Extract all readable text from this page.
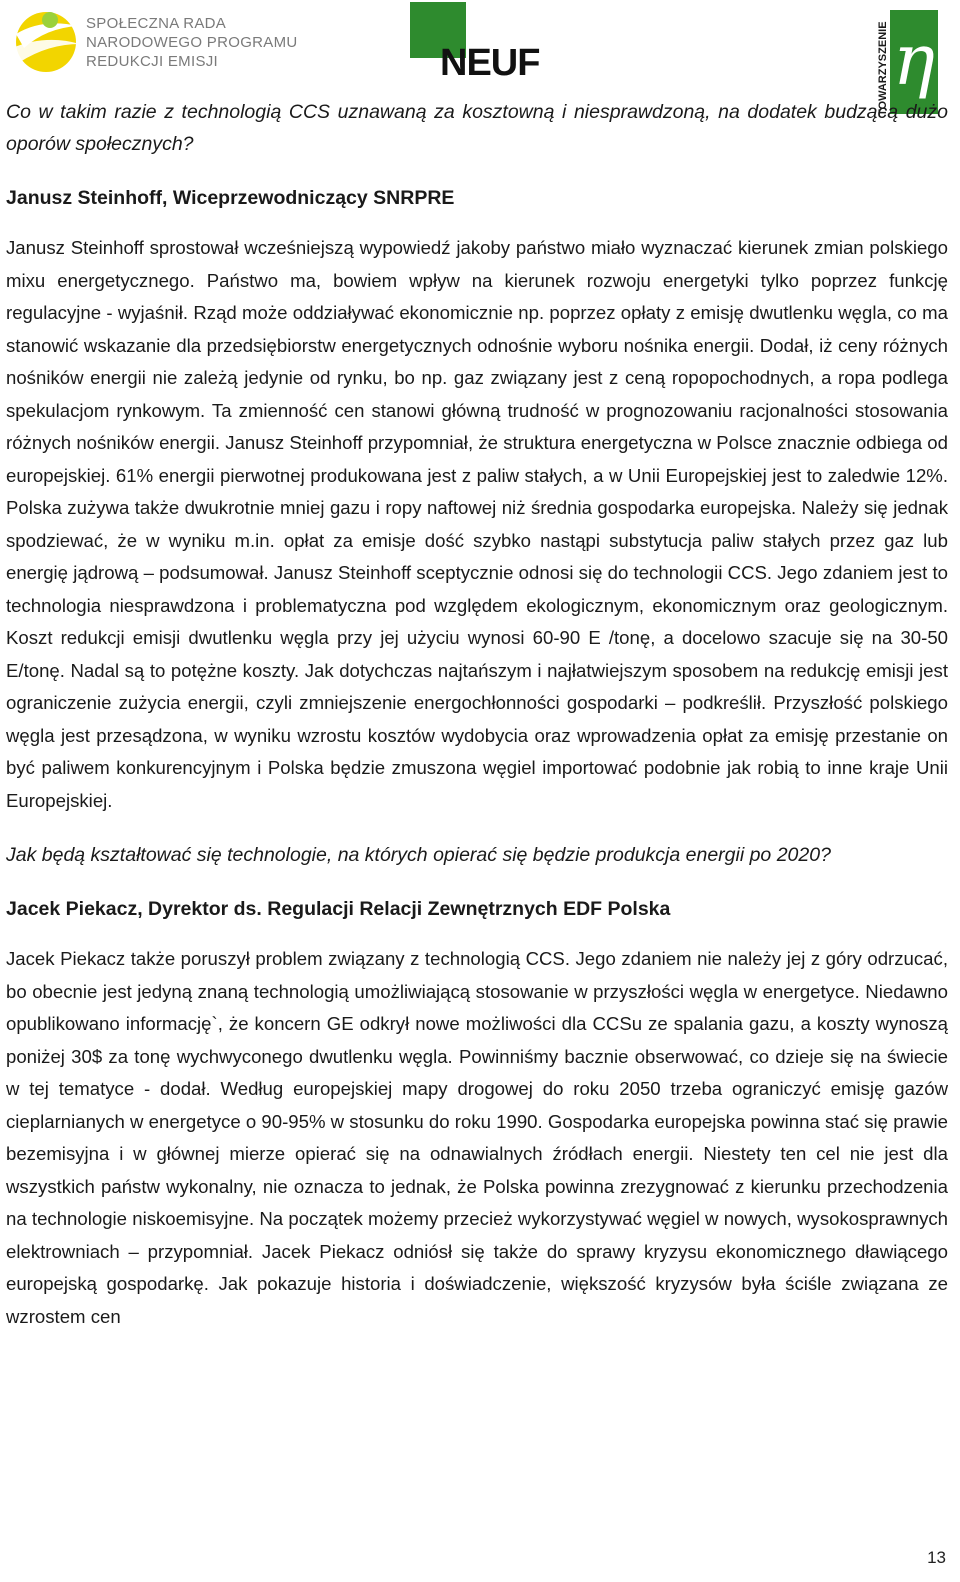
SPOŁECZNA RADA
NARODOWEGO PROGRAMU
REDUKCJI EMISJI	NEUF	TOWARZYSZENIE η

Co w takim razie z technologią CCS uznawaną za kosztowną i niesprawdzoną, na dodatek budzącą dużo oporów społecznych?

Janusz Steinhoff, Wiceprzewodniczący SNRPRE

Janusz Steinhoff sprostował wcześniejszą wypowiedź jakoby państwo miało wyznaczać kierunek zmian polskiego mixu energetycznego. Państwo ma, bowiem wpływ na kierunek rozwoju energetyki tylko poprzez funkcję regulacyjne - wyjaśnił. Rząd może oddziaływać ekonomicznie np. poprzez opłaty z emisję dwutlenku węgla, co ma stanowić wskazanie dla przedsiębiorstw energetycznych odnośnie wyboru nośnika energii. Dodał, iż ceny różnych nośników energii nie zależą jedynie od rynku, bo np. gaz związany jest z ceną ropopochodnych, a ropa podlega spekulacjom rynkowym. Ta zmienność cen stanowi główną trudność w prognozowaniu racjonalności stosowania różnych nośników energii. Janusz Steinhoff przypomniał, że struktura energetyczna w Polsce znacznie odbiega od europejskiej. 61% energii pierwotnej produkowana jest z paliw stałych, a w Unii Europejskiej jest to zaledwie 12%. Polska zużywa także dwukrotnie mniej gazu i ropy naftowej niż średnia gospodarka europejska. Należy się jednak spodziewać, że w wyniku m.in. opłat za emisje dość szybko nastąpi substytucja paliw stałych przez gaz lub energię jądrową – podsumował. Janusz Steinhoff sceptycznie odnosi się do technologii CCS. Jego zdaniem jest to technologia niesprawdzona i problematyczna pod względem ekologicznym, ekonomicznym oraz geologicznym. Koszt redukcji emisji dwutlenku węgla przy jej użyciu wynosi 60-90 E /tonę, a docelowo szacuje się na 30-50 E/tonę. Nadal są to potężne koszty. Jak dotychczas najtańszym i najłatwiejszym sposobem na redukcję emisji jest ograniczenie zużycia energii, czyli zmniejszenie energochłonności gospodarki – podkreślił. Przyszłość polskiego węgla jest przesądzona, w wyniku wzrostu kosztów wydobycia oraz wprowadzenia opłat za emisję przestanie on być paliwem konkurencyjnym i Polska będzie zmuszona węgiel importować podobnie jak robią to inne kraje Unii Europejskiej.

Jak będą kształtować się technologie, na których opierać się będzie produkcja energii po 2020?

Jacek Piekacz, Dyrektor ds. Regulacji Relacji Zewnętrznych EDF Polska

Jacek Piekacz także poruszył problem związany z technologią CCS. Jego zdaniem nie należy jej z góry odrzucać, bo obecnie jest jedyną znaną technologią umożliwiającą stosowanie w przyszłości węgla w energetyce. Niedawno opublikowano informację`, że koncern GE odkrył nowe możliwości dla CCSu ze spalania gazu, a koszty wynoszą poniżej 30$ za tonę wychwyconego dwutlenku węgla. Powinniśmy bacznie obserwować, co dzieje się na świecie w tej tematyce - dodał. Według europejskiej mapy drogowej do roku 2050 trzeba ograniczyć emisję gazów cieplarnianych w energetyce o 90-95% w stosunku do roku 1990. Gospodarka europejska powinna stać się prawie bezemisyjna i w głównej mierze opierać się na odnawialnych źródłach energii. Niestety ten cel nie jest dla wszystkich państw wykonalny, nie oznacza to jednak, że Polska powinna zrezygnować z kierunku przechodzenia na technologie niskoemisyjne. Na początek możemy przecież wykorzystywać węgiel w nowych, wysokosprawnych elektrowniach – przypomniał. Jacek Piekacz odniósł się także do sprawy kryzysu ekonomicznego dławiącego europejską gospodarkę. Jak pokazuje historia i doświadczenie, większość kryzysów była ściśle związana ze wzrostem cen

13
